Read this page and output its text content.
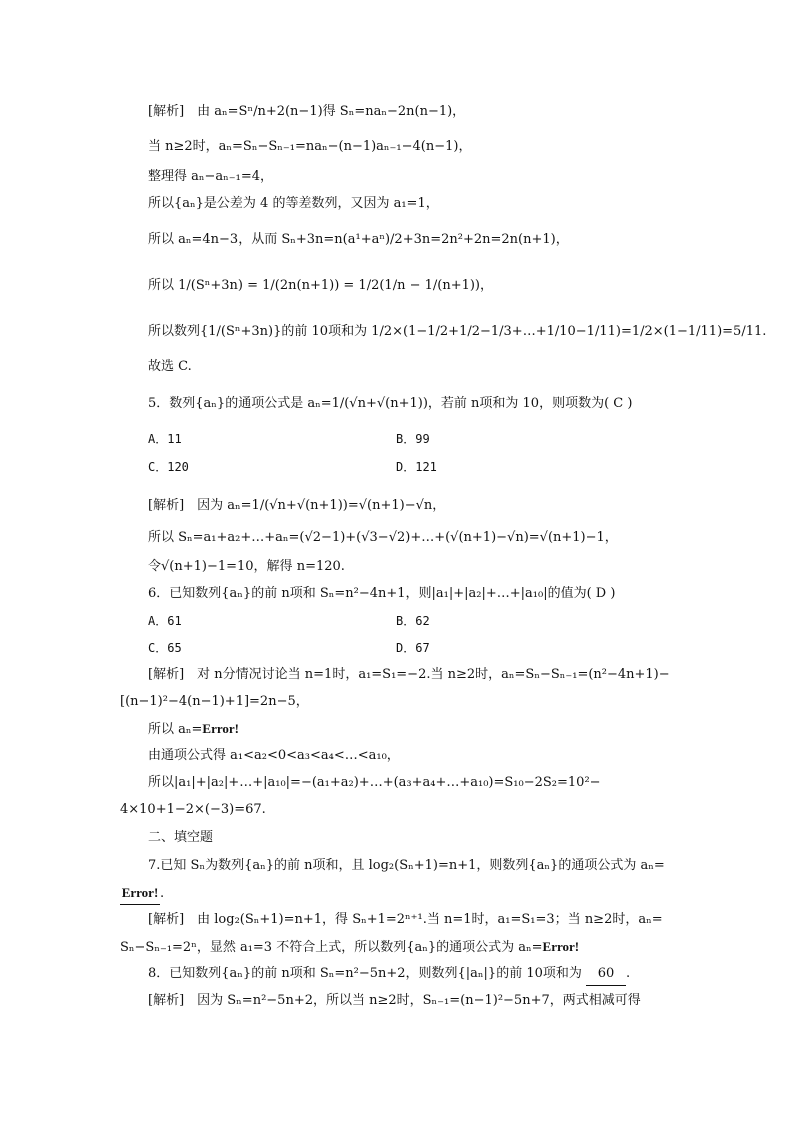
[解析]　由 aₙ=Sⁿ/n+2(n−1)得 Sₙ=naₙ−2n(n−1)，
当 n≥2时，aₙ=Sₙ−Sₙ₋₁=naₙ−(n−1)aₙ₋₁−4(n−1)，
整理得 aₙ−aₙ₋₁=4，
所以{aₙ}是公差为 4 的等差数列，又因为 a₁=1，
所以 aₙ=4n−3，从而 Sₙ+3n=n(a¹+aⁿ)/2+3n=2n²+2n=2n(n+1)，
所以 1/(Sⁿ+3n) = 1/(2n(n+1)) = 1/2(1/n − 1/(n+1))，
所以数列{1/(Sⁿ+3n)}的前 10项和为 1/2×(1−1/2+1/2−1/3+…+1/10−1/11)=1/2×(1−1/11)=5/11.
故选 C.
5．数列{aₙ}的通项公式是 aₙ=1/(√n+√(n+1))，若前 n项和为 10，则项数为( C )
A．11	B．99
C．120	D．121
[解析]　因为 aₙ=1/(√n+√(n+1))=√(n+1)−√n，
所以 Sₙ=a₁+a₂+…+aₙ=(√2−1)+(√3−√2)+…+(√(n+1)−√n)=√(n+1)−1，
令√(n+1)−1=10，解得 n=120.
6．已知数列{aₙ}的前 n项和 Sₙ=n²−4n+1，则|a₁|+|a₂|+…+|a₁₀|的值为( D )
A．61	B．62
C．65	D．67
[解析]　对 n分情况讨论当 n=1时，a₁=S₁=−2.当 n≥2时，aₙ=Sₙ−Sₙ₋₁=(n²−4n+1)−
[(n−1)²−4(n−1)+1]=2n−5，
所以 aₙ=Error!
由通项公式得 a₁<a₂<0<a₃<a₄<…<a₁₀，
所以|a₁|+|a₂|+…+|a₁₀|=−(a₁+a₂)+…+(a₃+a₄+…+a₁₀)=S₁₀−2S₂=10²−
4×10+1−2×(−3)=67.
二、填空题
7.已知 Sₙ为数列{aₙ}的前 n项和，且 log₂(Sₙ+1)=n+1，则数列{aₙ}的通项公式为 aₙ=
Error! .
[解析]　由 log₂(Sₙ+1)=n+1，得 Sₙ+1=2ⁿ⁺¹.当 n=1时，a₁=S₁=3；当 n≥2时，aₙ=
Sₙ−Sₙ₋₁=2ⁿ，显然 a₁=3 不符合上式，所以数列{aₙ}的通项公式为 aₙ=Error!
8．已知数列{aₙ}的前 n项和 Sₙ=n²−5n+2，则数列{|aₙ|}的前 10项和为 60 .
[解析]　因为 Sₙ=n²−5n+2，所以当 n≥2时，Sₙ₋₁=(n−1)²−5n+7，两式相减可得
